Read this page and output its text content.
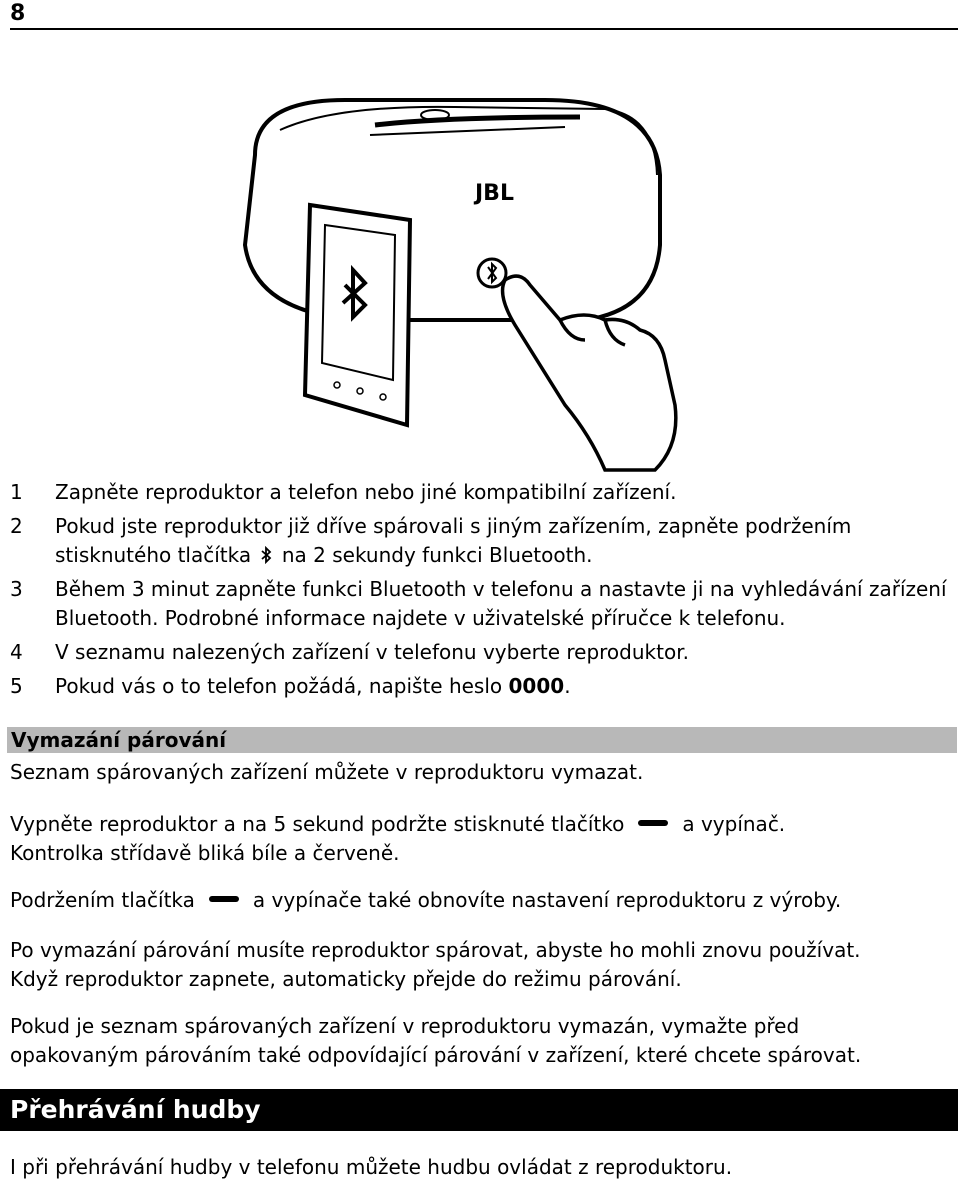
8
JBL
1 Zapněte reproduktor a telefon nebo jiné kompatibilní zařízení.
2 Pokud jste reproduktor již dříve spárovali s jiným zařízením, zapněte podržením stisknutého tlačítka na 2 sekundy funkci Bluetooth.
3 Během 3 minut zapněte funkci Bluetooth v telefonu a nastavte ji na vyhledávání zařízení Bluetooth. Podrobné informace najdete v uživatelské příručce k telefonu.
4 V seznamu nalezených zařízení v telefonu vyberte reproduktor.
5 Pokud vás o to telefon požádá, napište heslo 0000.
Vymazání párování

Seznam spárovaných zařízení můžete v reproduktoru vymazat.

Vypněte reproduktor a na 5 sekund podržte stisknuté tlačítko	a vypínač.
Kontrolka střídavě bliká bíle a červeně.

Podržením tlačítka	a vypínače také obnovíte nastavení reproduktoru z výroby.

Po vymazání párování musíte reproduktor spárovat, abyste ho mohli znovu používat.
Když reproduktor zapnete, automaticky přejde do režimu párování.

Pokud je seznam spárovaných zařízení v reproduktoru vymazán, vymažte před
opakovaným párováním také odpovídající párování v zařízení, které chcete spárovat.

Přehrávání hudby

I při přehrávání hudby v telefonu můžete hudbu ovládat z reproduktoru.
